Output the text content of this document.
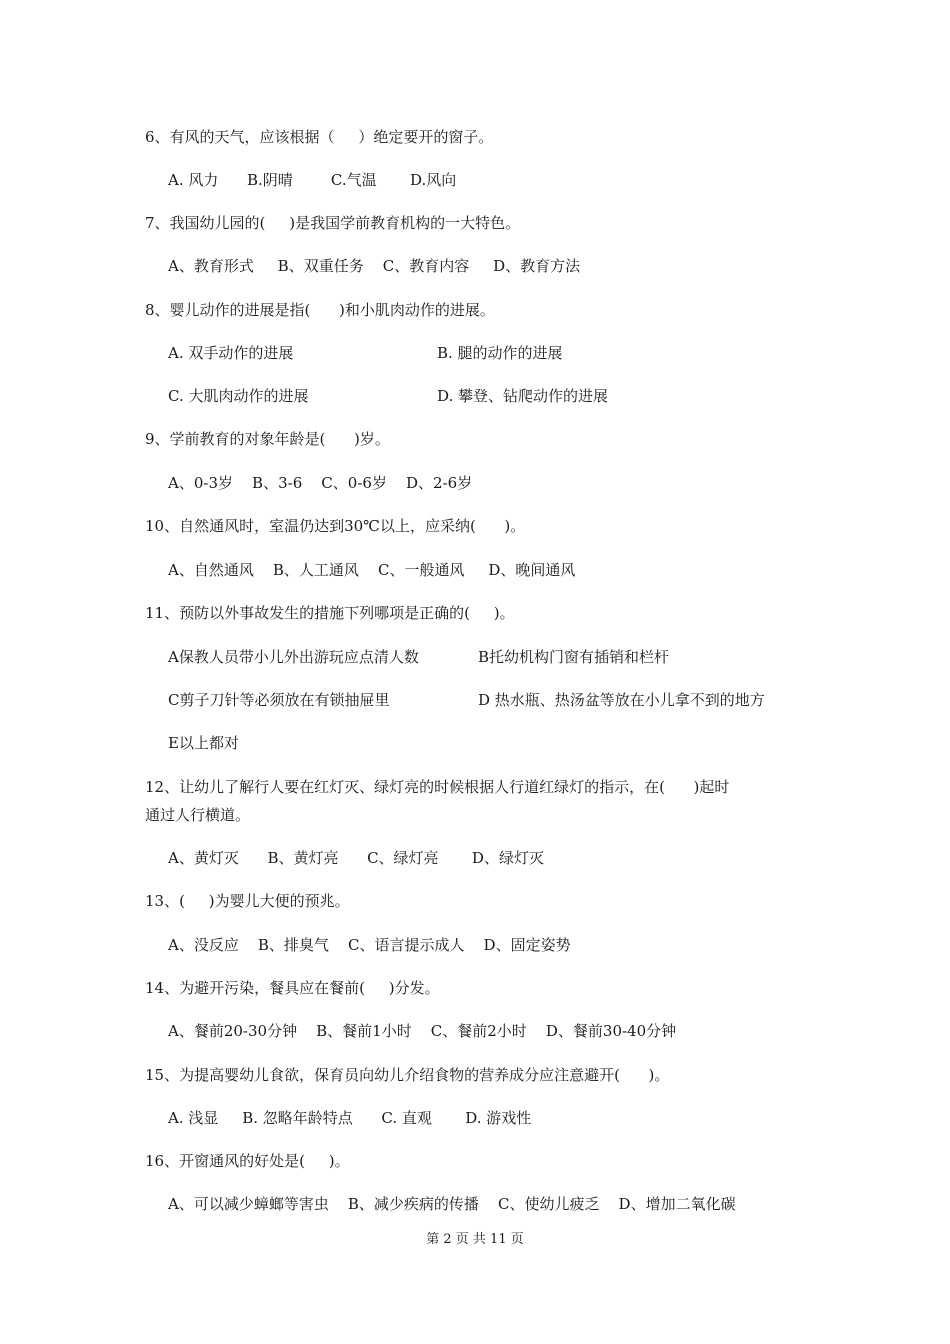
6、有风的天气，应该根据（     ）绝定要开的窗子。
A. 风力      B.阴晴        C.气温       D.风向
7、我国幼儿园的(     )是我国学前教育机构的一大特色。
A、教育形式     B、双重任务    C、教育内容     D、教育方法
8、婴儿动作的进展是指(      )和小肌肉动作的进展。
A. 双手动作的进展	B. 腿的动作的进展
C. 大肌肉动作的进展	D. 攀登、钻爬动作的进展
9、学前教育的对象年龄是(      )岁。
A、0-3岁    B、3-6    C、0-6岁    D、2-6岁
10、自然通风时，室温仍达到30℃以上，应采纳(      )。
A、自然通风    B、人工通风    C、一般通风     D、晚间通风
11、预防以外事故发生的措施下列哪项是正确的(     )。
A保教人员带小儿外出游玩应点清人数	B托幼机构门窗有插销和栏杆
C剪子刀针等必须放在有锁抽屉里	D 热水瓶、热汤盆等放在小儿拿不到的地方
E以上都对
12、让幼儿了解行人要在红灯灭、绿灯亮的时候根据人行道红绿灯的指示，在(      )起时
通过人行横道。
A、黄灯灭      B、黄灯亮      C、绿灯亮       D、绿灯灭
13、(     )为婴儿大便的预兆。
A、没反应    B、排臭气    C、语言提示成人    D、固定姿势
14、为避开污染，餐具应在餐前(     )分发。
A、餐前20-30分钟    B、餐前1小时    C、餐前2小时    D、餐前30-40分钟
15、为提高婴幼儿食欲，保育员向幼儿介绍食物的营养成分应注意避开(      )。
A. 浅显     B. 忽略年龄特点      C. 直观       D. 游戏性
16、开窗通风的好处是(     )。
A、可以减少蟑螂等害虫    B、减少疾病的传播    C、使幼儿疲乏    D、增加二氧化碳
第 2 页 共 11 页
